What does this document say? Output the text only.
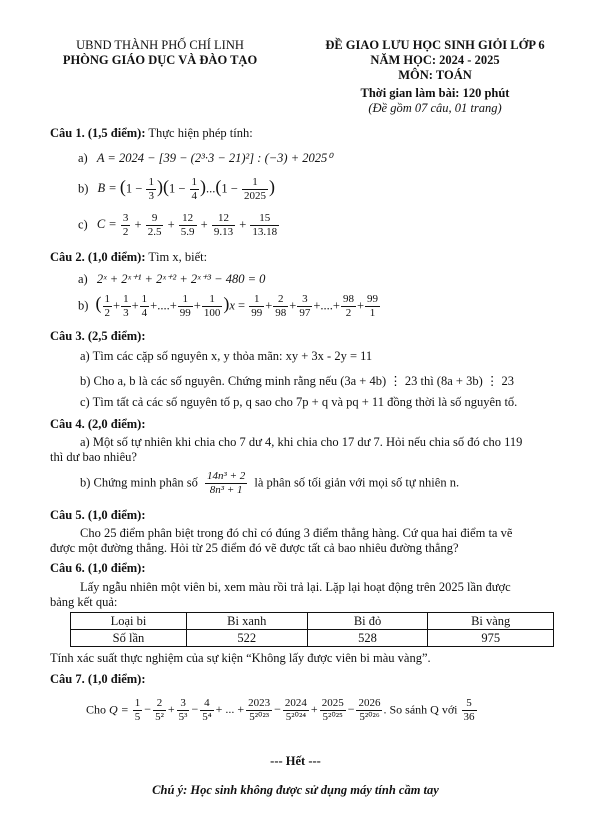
UBND THÀNH PHỐ CHÍ LINH
PHÒNG GIÁO DỤC VÀ ĐÀO TẠO
ĐỀ GIAO LƯU HỌC SINH GIỎI LỚP 6
NĂM HỌC: 2024 - 2025
MÔN: TOÁN
Thời gian làm bài: 120 phút
(Đề gồm 07 câu, 01 trang)
Câu 1. (1,5 điểm): Thực hiện phép tính:
a) A = 2024 − [39 − (2³·3 − 21)²] : (−3) + 2025⁰
b) $B = (1 - \frac{1}{3} )(1 - \frac{1}{4} )...(1 - \frac{1}{2025}$ )
c) $C = \frac{3}{2} + \frac{9}{2.5} + \frac{12}{5.9} + \frac{12}{9.13} + \frac{15}{13.18}$
Câu 2. (1,0 điểm): Tìm x, biết:
a) 2ˣ + 2ˣ⁺¹ + 2ˣ⁺² + 2ˣ⁺³ − 480 = 0
b) ( $\frac{1}{2} + \frac{1}{3} + \frac{1}{4}$ +....+ $\frac{1}{99} + \frac{1}{100} )x = \frac{1}{99} + \frac{2}{98} + \frac{3}{97}$ +....+ $\frac{98}{2} + \frac{99}{1}$
Câu 3. (2,5 điểm):
a) Tìm các cặp số nguyên x, y thỏa mãn: xy + 3x - 2y = 11
b) Cho a, b là các số nguyên. Chứng minh rằng nếu (3a + 4b) ⋮ 23 thì (8a + 3b) ⋮ 23
c) Tìm tất cả các số nguyên tố p, q sao cho 7p + q và pq + 11 đồng thời là số nguyên tố.
Câu 4. (2,0 điểm):
a) Một số tự nhiên khi chia cho 7 dư 4, khi chia cho 17 dư 7. Hỏi nếu chia số đó cho 119
thì dư bao nhiêu?
b) Chứng minh phân số $\frac{\text{14n³ + 2}}{\text{8n³ + 1}}$ là phân số tối giản với mọi số tự nhiên n.
Câu 5. (1,0 điểm):
Cho 25 điểm phân biệt trong đó chỉ có đúng 3 điểm thẳng hàng. Cứ qua hai điểm ta vẽ
được một đường thẳng. Hỏi từ 25 điểm đó vẽ được tất cả bao nhiêu đường thẳng?
Câu 6. (1,0 điểm):
Lấy ngẫu nhiên một viên bi, xem màu rồi trả lại. Lặp lại hoạt động trên 2025 lần được
bảng kết quả:
Loại bi	Bi xanh	Bi đỏ	Bi vàng
Số lần	522	528	975
Tính xác suất thực nghiệm của sự kiện “Không lấy được viên bi màu vàng”.
Câu 7. (1,0 điểm):
Cho $Q = \frac{1}{5} - \frac{2}{\text{5²}} + \frac{3}{\text{5³}} - \frac{4}{\text{5⁴}}$ + ... + $\frac{2023}{\text{5²⁰²³}} - \frac{2024}{\text{5²⁰²⁴}} + \frac{2025}{\text{5²⁰²⁵}} - \frac{2026}{\text{5²⁰²⁶}}$ . So sánh Q với $\frac{5}{36}$
--- Hết ---
Chú ý: Học sinh không được sử dụng máy tính cầm tay
